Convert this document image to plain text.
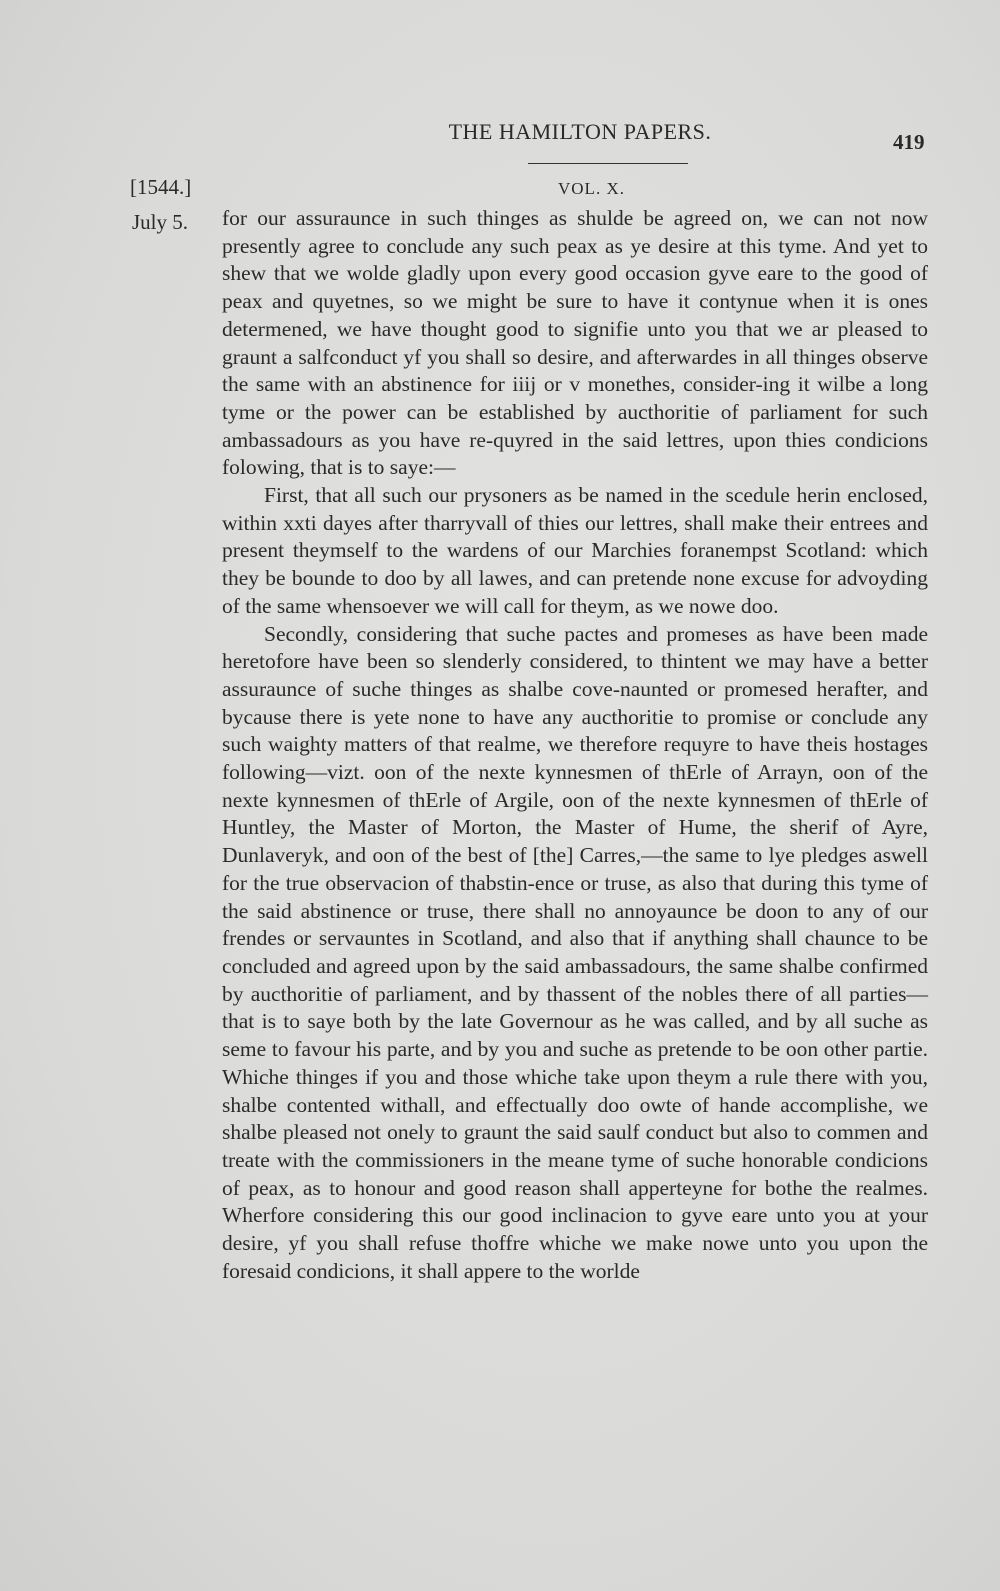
THE HAMILTON PAPERS.	419
[1544.]	VOL. X.
July 5. for our assuraunce in such thinges as shulde be agreed on, we can not now presently agree to conclude any such peax as ye desire at this tyme. And yet to shew that we wolde gladly upon every good occasion gyve eare to the good of peax and quyetnes, so we might be sure to have it contynue when it is ones determened, we have thought good to signifie unto you that we ar pleased to graunt a salfconduct yf you shall so desire, and afterwardes in all thinges observe the same with an abstinence for iiij or v monethes, consider-ing it wilbe a long tyme or the power can be established by aucthoritie of parliament for such ambassadours as you have re-quyred in the said lettres, upon thies condicions folowing, that is to saye:—

First, that all such our prysoners as be named in the scedule herin enclosed, within xxti dayes after tharryvall of thies our lettres, shall make their entrees and present theymself to the wardens of our Marchies foranempst Scotland: which they be bounde to doo by all lawes, and can pretende none excuse for advoyding of the same whensoever we will call for theym, as we nowe doo.

Secondly, considering that suche pactes and promeses as have been made heretofore have been so slenderly considered, to thintent we may have a better assuraunce of suche thinges as shalbe cove-naunted or promesed herafter, and bycause there is yete none to have any aucthoritie to promise or conclude any such waighty matters of that realme, we therefore requyre to have theis hostages following—vizt. oon of the nexte kynnesmen of thErle of Arrayn, oon of the nexte kynnesmen of thErle of Argile, oon of the nexte kynnesmen of thErle of Huntley, the Master of Morton, the Master of Hume, the sherif of Ayre, Dunlaveryk, and oon of the best of [the] Carres,—the same to lye pledges aswell for the true observacion of thabstin-ence or truse, as also that during this tyme of the said abstinence or truse, there shall no annoyaunce be doon to any of our frendes or servauntes in Scotland, and also that if anything shall chaunce to be concluded and agreed upon by the said ambassadours, the same shalbe confirmed by aucthoritie of parliament, and by thassent of the nobles there of all parties—that is to saye both by the late Governour as he was called, and by all suche as seme to favour his parte, and by you and suche as pretende to be oon other partie. Whiche thinges if you and those whiche take upon theym a rule there with you, shalbe contented withall, and effectually doo owte of hande accomplishe, we shalbe pleased not onely to graunt the said saulf conduct but also to commen and treate with the commissioners in the meane tyme of suche honorable condicions of peax, as to honour and good reason shall apperteyne for bothe the realmes. Wherfore considering this our good inclinacion to gyve eare unto you at your desire, yf you shall refuse thoffre whiche we make nowe unto you upon the foresaid condicions, it shall appere to the worlde
